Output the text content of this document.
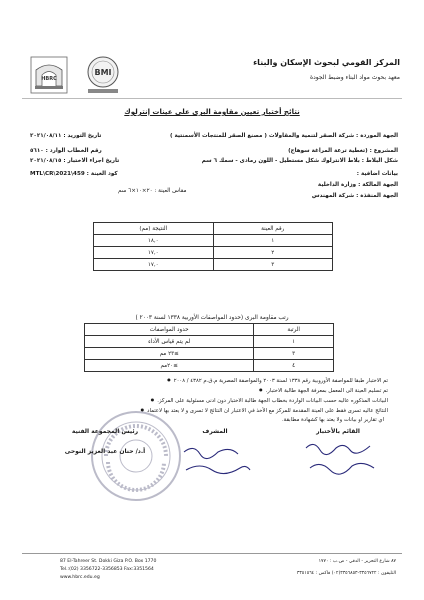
المركز القومي لبحوث الإسكان والبناء
معهد بحوث مواد البناء وضبط الجودة
HBRC
BMI
نتائج أختبار تعيين مقاومة البرى على عينات إنترلوك
الجهة الموردة : شركة الصقر لتنمية والمقاولات ( مصنع الصقر للمنتجات الأسمنتية )
تاريخ التوريد : ٢٠٢١/٠٨/١١
المشروع : (تغطية ترعة المراغة سوهاج)
رقم الخطاب الوارد : ٥٦١٠
شكل البلاط : بلاط الانترلوك شكل مستطيل - اللون رمادى - سمك ٦ سم
تاريخ اجراء الاختبار : ٢٠٢١/٠٨/١٥
بيانات اضافية :
كود العينة : MTL\CR\2021\459
الجهة المالكة : وزارة الداخلية
مقاس العينة : ٢٠×١٠×٦ سم
الجهة المنفذة : شركة المهندس
رقم العينة	النتيجة (مم)
١	١٨,٠
٢	١٧,٠
٣	١٧,٠
رتب مقاومة البرى (حدود المواصفات الأوربية ١٣٣٨ لسنة ٢٠٠٣ )
الرتبة	حدود المواصفات
١	لم يتم قياس الأداء
٣	≥٢٣ مم
٤	≥٢٠مم
تم الاختبار طبقا للمواصفة الأوروبية رقم ١٣٣٨ لسنة ٢٠٠٣ والمواصفة المصرية م.ق.م ٤٣٨٢ / ٢٠٠٨ ●
تم تسليم العينة الى المعمل بمعرفة الجهة طالبة الاختبار. ●
البيانات المذكوره عاليه حسب البيانات الواردة بخطاب الجهة طالبة الاختبار دون ادنى مسئولية على المركز. ●
النتائج عاليه تسرى فقط على العينة المقدمة للمركز مع الأخذ في الاعتبار ان النتائج لا تسرى و لا يعتد بها لاعتماد ●
اي تقارير او بيانات ولا يعتد بها كشهادة مطابقة.
القائم بالأختبار
المشرف
رئيس المجموعة الفنية
أ.د/ حنان عبد العزيز النوحى
87 El-Tahreer St. Dokki Giza P.O. Box 1770
Tel.:(02) 3356722-3356853 Fax:3351564
www.hbrc.edu.eg
٨٧ شارع التحرير - الدقي - ص.ب : ١٧٧٠
التليفون : ٣٣٥٦٧٢٢-٣٣٥٦٨٥٣(٠٢) فاكس : ٣٣٥١٥٦٤
